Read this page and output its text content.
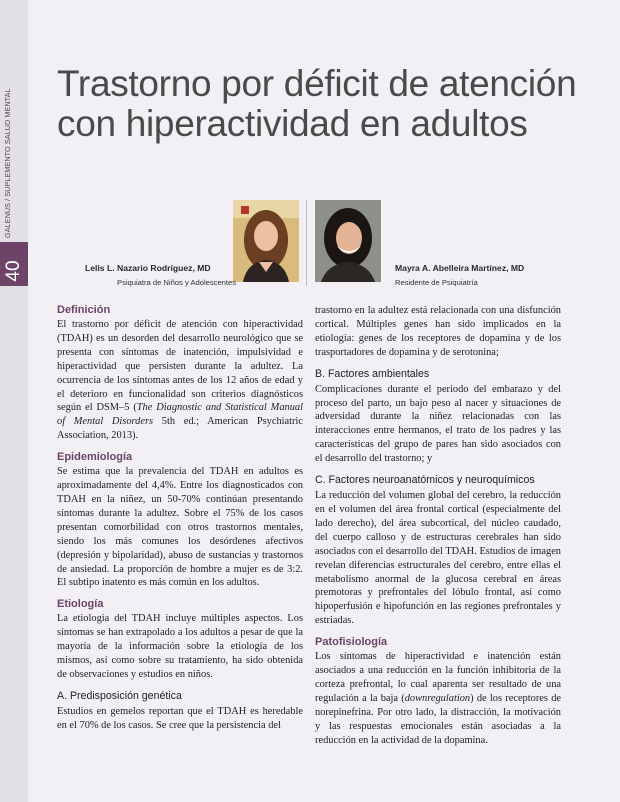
40
Trastorno por déficit de atención con hiperactividad en adultos
Lelis L. Nazario Rodríguez, MD
Psiquiatra de Niños y Adolescentes
Mayra A. Abelleira Martínez, MD
Residente de Psiquiatría
Definición

El trastorno por déficit de atención con hiperactividad (TDAH) es un desorden del desarrollo neurológico que se presenta con síntomas de inatención, impulsividad e hiperactividad que persisten durante la adultez. La ocurrencia de los síntomas antes de los 12 años de edad y el deterioro en funcionalidad son criterios diagnósticos según el DSM–5 (The Diagnostic and Statistical Manual of Mental Disorders 5th ed.; American Psychiatric Association, 2013).

Epidemiología

Se estima que la prevalencia del TDAH en adultos es aproximadamente del 4,4%. Entre los diagnosticados con TDAH en la niñez, un 50-70% continúan presentando síntomas durante la adultez. Sobre el 75% de los casos presentan comorbilidad con otros trastornos mentales, siendo los más comunes los desórdenes afectivos (depresión y bipolaridad), abuso de sustancias y trastornos de ansiedad. La proporción de hombre a mujer es de 3:2. El subtipo inatento es más común en los adultos.

Etiología

La etiología del TDAH incluye múltiples aspectos. Los síntomas se han extrapolado a los adultos a pesar de que la mayoría de la información sobre la etiología de los mismos, así como sobre su tratamiento, ha sido obtenida de observaciones y estudios en niños.

A. Predisposición genética

Estudios en gemelos reportan que el TDAH es heredable en el 70% de los casos. Se cree que la persistencia del

trastorno en la adultez está relacionada con una disfunción cortical. Múltiples genes han sido implicados en la etiología: genes de los receptores de dopamina y de los trasportadores de dopamina y de serotonina;

B. Factores ambientales

Complicaciones durante el periodo del embarazo y del proceso del parto, un bajo peso al nacer y situaciones de adversidad durante la niñez relacionadas con las interacciones entre hermanos, el trato de los padres y las características del grupo de pares han sido asociados con el desarrollo del trastorno; y

C. Factores neuroanatómicos y neuroquímicos

La reducción del volumen global del cerebro, la reducción en el volumen del área frontal cortical (especialmente del lado derecho), del área subcortical, del núcleo caudado, del cuerpo calloso y de estructuras cerebrales han sido asociados con el desarrollo del TDAH. Estudios de imagen revelan diferencias estructurales del cerebro, entre ellas el metabolismo anormal de la glucosa cerebral en áreas premotoras y prefrontales del lóbulo frontal, así como hipoperfusión e hipofunción en las regiones prefrontales y estriadas.

Patofisiología

Los síntomas de hiperactividad e inatención están asociados a una reducción en la función inhibitoria de la corteza prefrontal, lo cual aparenta ser resultado de una regulación a la baja (downregulation) de los receptores de norepinefrina. Por otro lado, la distracción, la motivación y las respuestas emocionales están asociadas a la reducción en la actividad de la dopamina.
